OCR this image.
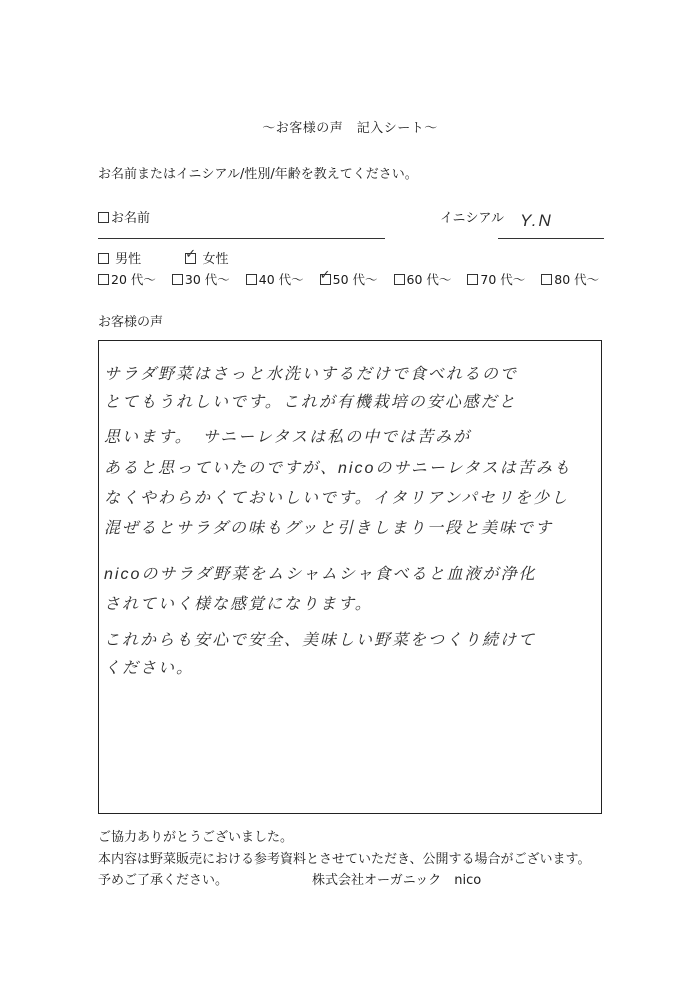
～お客様の声　記入シート～
お名前またはイニシアル/性別/年齢を教えてください。
お名前	イニシアル Y.N
男性 ✓	女性
20 代～ 30 代～ 40 代～ ✓ 50 代～ 60 代～ 70 代～ 80 代～
お客様の声
サラダ野菜はさっと水洗いするだけで食べれるので
とてもうれしいです。これが有機栽培の安心感だと
思います。　サニーレタスは私の中では苦みが
あると思っていたのですが、nicoのサニーレタスは苦みも
なくやわらかくておいしいです。イタリアンパセリを少し
混ぜるとサラダの味もグッと引きしまり一段と美味です
nicoのサラダ野菜をムシャムシャ食べると血液が浄化
されていく様な感覚になります。
これからも安心で安全、美味しい野菜をつくり続けて
ください。
ご協力ありがとうございました。
本内容は野菜販売における参考資料とさせていただき、公開する場合がございます。
予めご了承ください。	株式会社オーガニック　nico
